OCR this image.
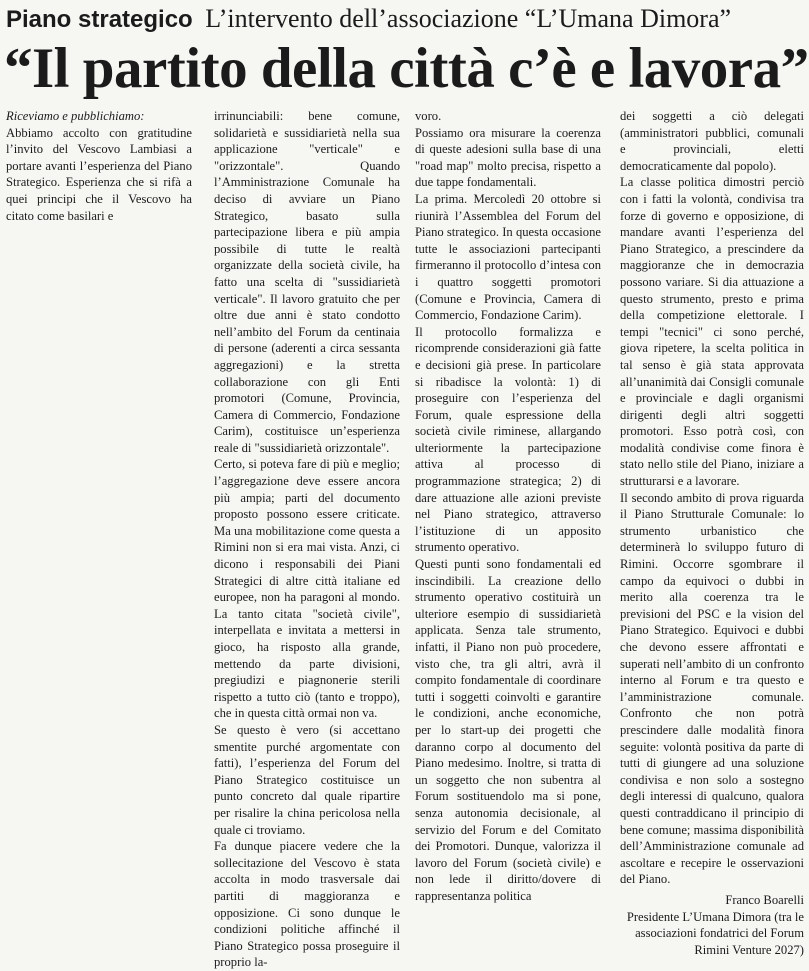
Piano strategico L’intervento dell’associazione “L’Umana Dimora”
“Il partito della città c’è e lavora”

Riceviamo e pubblichiamo:

Abbiamo accolto con gratitudine l’invito del Vescovo Lambiasi a portare avanti l’esperienza del Piano Strategico. Esperienza che si rifà a quei principi che il Vescovo ha citato come basilari e

irrinunciabili: bene comune, solidarietà e sussidiarietà nella sua applicazione "verticale" e "orizzontale". Quando l’Amministrazione Comunale ha deciso di avviare un Piano Strategico, basato sulla partecipazione libera e più ampia possibile di tutte le realtà organizzate della società civile, ha fatto una scelta di "sussidiarietà verticale". Il lavoro gratuito che per oltre due anni è stato condotto nell’ambito del Forum da centinaia di persone (aderenti a circa sessanta aggregazioni) e la stretta collaborazione con gli Enti promotori (Comune, Provincia, Camera di Commercio, Fondazione Carim), costituisce un’esperienza reale di "sussidiarietà orizzontale".

Certo, si poteva fare di più e meglio; l’aggregazione deve essere ancora più ampia; parti del documento proposto possono essere criticate. Ma una mobilitazione come questa a Rimini non si era mai vista. Anzi, ci dicono i responsabili dei Piani Strategici di altre città italiane ed europee, non ha paragoni al mondo. La tanto citata "società civile", interpellata e invitata a mettersi in gioco, ha risposto alla grande, mettendo da parte divisioni, pregiudizi e piagnonerie sterili rispetto a tutto ciò (tanto e troppo), che in questa città ormai non va.

Se questo è vero (si accettano smentite purché argomentate con fatti), l’esperienza del Forum del Piano Strategico costituisce un punto concreto dal quale ripartire per risalire la china pericolosa nella quale ci troviamo.

Fa dunque piacere vedere che la sollecitazione del Vescovo è stata accolta in modo trasversale dai partiti di maggioranza e opposizione. Ci sono dunque le condizioni politiche affinché il Piano Strategico possa proseguire il proprio la-

voro.

Possiamo ora misurare la coerenza di queste adesioni sulla base di una "road map" molto precisa, rispetto a due tappe fondamentali.

La prima. Mercoledì 20 ottobre si riunirà l’Assemblea del Forum del Piano strategico. In questa occasione tutte le associazioni partecipanti firmeranno il protocollo d’intesa con i quattro soggetti promotori (Comune e Provincia, Camera di Commercio, Fondazione Carim).

Il protocollo formalizza e ricomprende considerazioni già fatte e decisioni già prese. In particolare si ribadisce la volontà: 1) di proseguire con l’esperienza del Forum, quale espressione della società civile riminese, allargando ulteriormente la partecipazione attiva al processo di programmazione strategica; 2) di dare attuazione alle azioni previste nel Piano strategico, attraverso l’istituzione di un apposito strumento operativo.

Questi punti sono fondamentali ed inscindibili. La creazione dello strumento operativo costituirà un ulteriore esempio di sussidiarietà applicata. Senza tale strumento, infatti, il Piano non può procedere, visto che, tra gli altri, avrà il compito fondamentale di coordinare tutti i soggetti coinvolti e garantire le condizioni, anche economiche, per lo start-up dei progetti che daranno corpo al documento del Piano medesimo. Inoltre, si tratta di un soggetto che non subentra al Forum sostituendolo ma si pone, senza autonomia decisionale, al servizio del Forum e del Comitato dei Promotori. Dunque, valorizza il lavoro del Forum (società civile) e non lede il diritto/dovere di rappresentanza politica

dei soggetti a ciò delegati (amministratori pubblici, comunali e provinciali, eletti democraticamente dal popolo).

La classe politica dimostri perciò con i fatti la volontà, condivisa tra forze di governo e opposizione, di mandare avanti l’esperienza del Piano Strategico, a prescindere da maggioranze che in democrazia possono variare. Si dia attuazione a questo strumento, presto e prima della competizione elettorale. I tempi "tecnici" ci sono perché, giova ripetere, la scelta politica in tal senso è già stata approvata all’unanimità dai Consigli comunale e provinciale e dagli organismi dirigenti degli altri soggetti promotori. Esso potrà così, con modalità condivise come finora è stato nello stile del Piano, iniziare a strutturarsi e a lavorare.

Il secondo ambito di prova riguarda il Piano Strutturale Comunale: lo strumento urbanistico che determinerà lo sviluppo futuro di Rimini. Occorre sgombrare il campo da equivoci o dubbi in merito alla coerenza tra le previsioni del PSC e la vision del Piano Strategico. Equivoci e dubbi che devono essere affrontati e superati nell’ambito di un confronto interno al Forum e tra questo e l’amministrazione comunale. Confronto che non potrà prescindere dalle modalità finora seguite: volontà positiva da parte di tutti di giungere ad una soluzione condivisa e non solo a sostegno degli interessi di qualcuno, qualora questi contraddicano il principio di bene comune; massima disponibilità dell’Amministrazione comunale ad ascoltare e recepire le osservazioni del Piano.

Franco Boarelli
Presidente L’Umana Dimora (tra le associazioni fondatrici del Forum Rimini Venture 2027)
